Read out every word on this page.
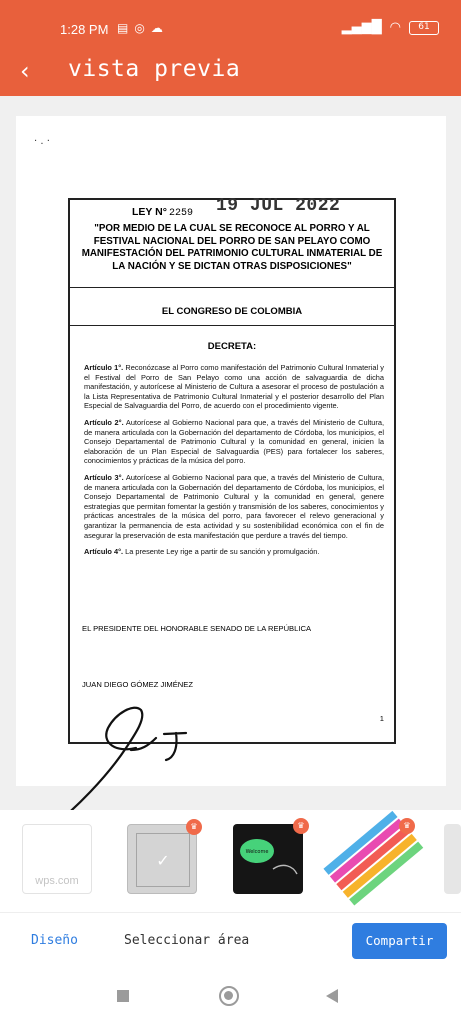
1:28 PM ▤ ◎ ☁	▂▄▆█ ◠	61
‹ vista previa
· . ·
LEY N° 2259 19 JUL 2022
"POR MEDIO DE LA CUAL SE RECONOCE AL PORRO Y AL FESTIVAL NACIONAL DEL PORRO DE SAN PELAYO COMO MANIFESTACIÓN DEL PATRIMONIO CULTURAL INMATERIAL DE LA NACIÓN Y SE DICTAN OTRAS DISPOSICIONES"
EL CONGRESO DE COLOMBIA
DECRETA:

Artículo 1°. Reconózcase al Porro como manifestación del Patrimonio Cultural Inmaterial y el Festival del Porro de San Pelayo como una acción de salvaguardia de dicha manifestación, y autorícese al Ministerio de Cultura a asesorar el proceso de postulación a la Lista Representativa de Patrimonio Cultural Inmaterial y el posterior desarrollo del Plan Especial de Salvaguardia del Porro, de acuerdo con el procedimiento vigente.

Artículo 2°. Autorícese al Gobierno Nacional para que, a través del Ministerio de Cultura, de manera articulada con la Gobernación del departamento de Córdoba, los municipios, el Consejo Departamental de Patrimonio Cultural y la comunidad en general, inicien la elaboración de un Plan Especial de Salvaguardia (PES) para fortalecer los saberes, conocimientos y prácticas de la música del porro.

Artículo 3°. Autorícese al Gobierno Nacional para que, a través del Ministerio de Cultura, de manera articulada con la Gobernación del departamento de Córdoba, los municipios, el Consejo Departamental de Patrimonio Cultural y la comunidad en general, genere estrategias que permitan fomentar la gestión y transmisión de los saberes, conocimientos y prácticas ancestrales de la música del porro, para favorecer el relevo generacional y garantizar la permanencia de esta actividad y su sostenibilidad económica con el fin de asegurar la preservación de esta manifestación que perdure a través del tiempo.

Artículo 4°. La presente Ley rige a partir de su sanción y promulgación.

EL PRESIDENTE DEL HONORABLE SENADO DE LA REPÚBLICA
JUAN DIEGO GÓMEZ JIMÉNEZ
1
wps.com
✓
♛
Welcome
♛	♛
Diseño	Seleccionar área	Compartir
